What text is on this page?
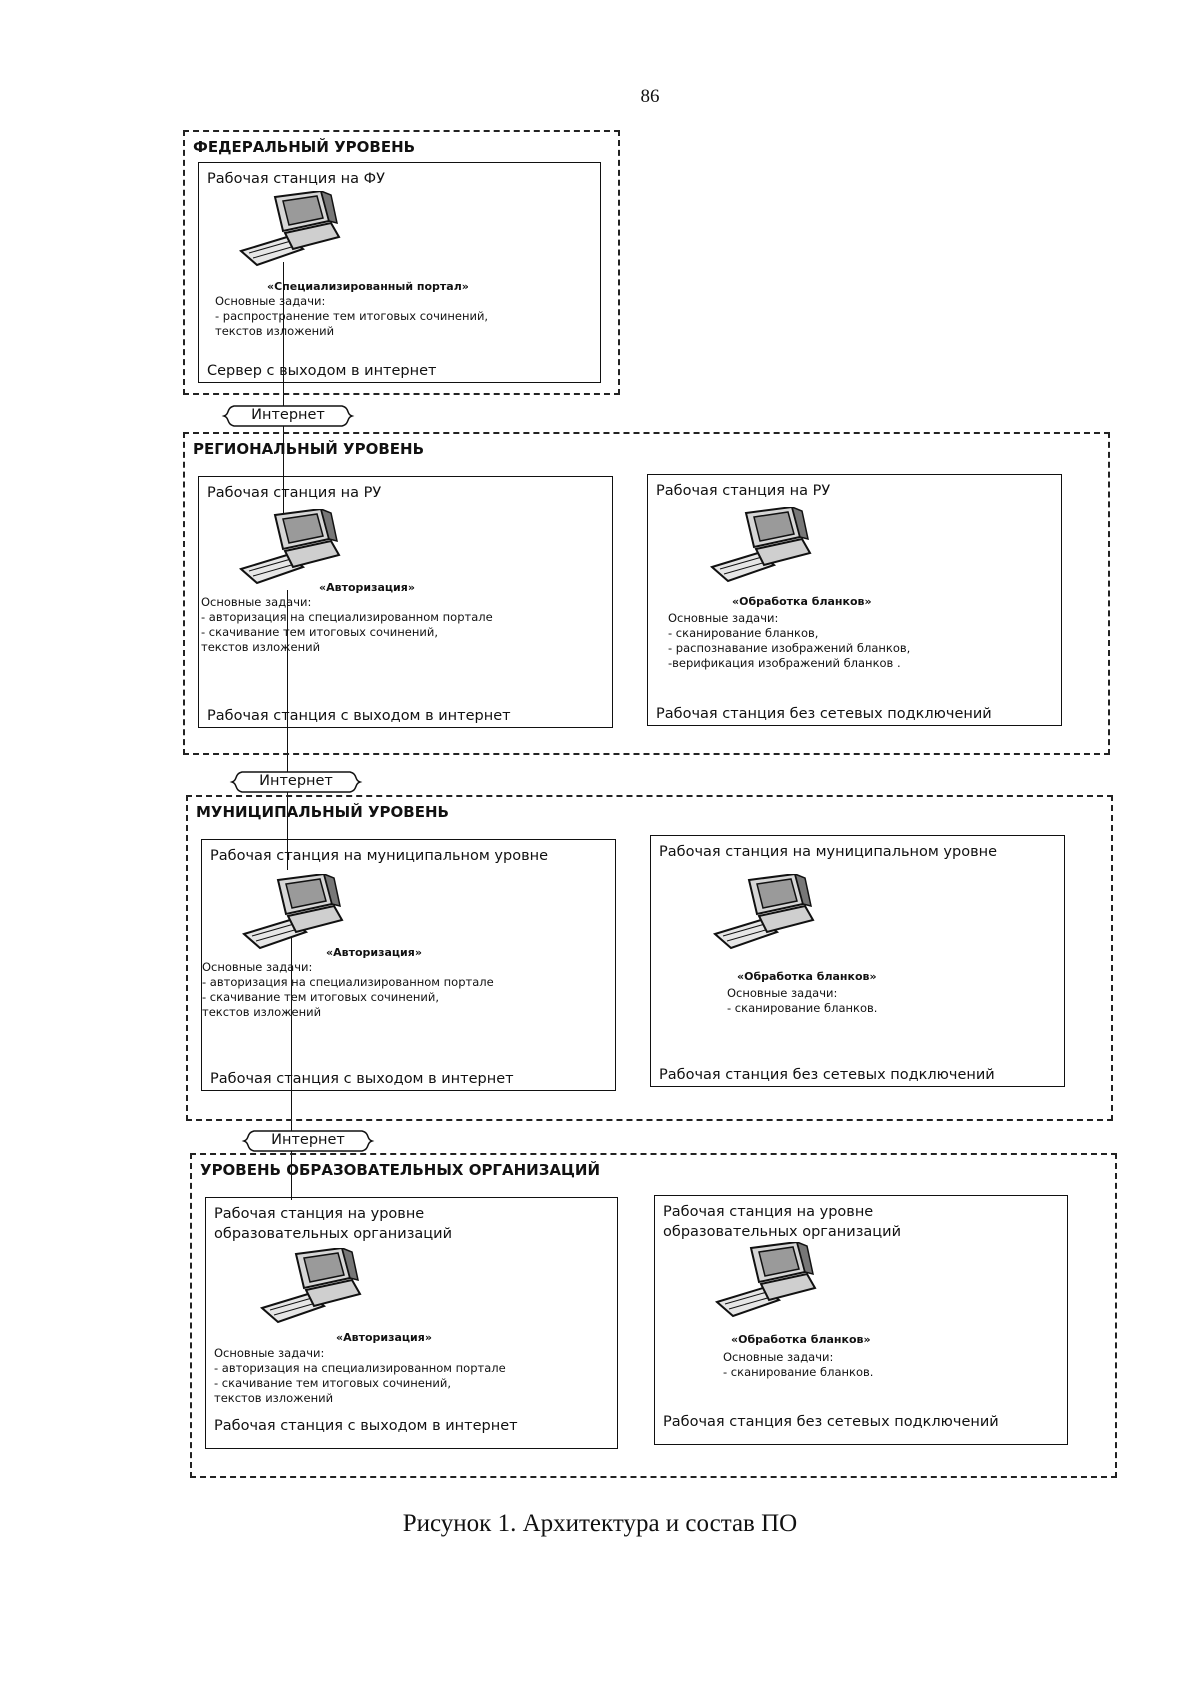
86
ФЕДЕРАЛЬНЫЙ УРОВЕНЬ
Рабочая станция на ФУ
«Специализированный портал»
Основные задачи:
- распространение тем итоговых сочинений,
текстов изложений
Сервер с выходом в интернет
Интернет
РЕГИОНАЛЬНЫЙ УРОВЕНЬ
Рабочая станция на РУ
«Авторизация»
Основные задачи:
- авторизация на специализированном портале
- скачивание тем итоговых сочинений,
текстов изложений
Рабочая станция с выходом в интернет
Рабочая станция на РУ
«Обработка бланков»
Основные задачи:
- сканирование бланков,
- распознавание изображений бланков,
-верификация изображений бланков .
Рабочая станция без сетевых подключений
Интернет
МУНИЦИПАЛЬНЫЙ УРОВЕНЬ
Рабочая станция на муниципальном уровне
«Авторизация»
Основные задачи:
- авторизация на специализированном портале
- скачивание тем итоговых сочинений,
текстов изложений
Рабочая станция с выходом в интернет
Рабочая станция на муниципальном уровне
«Обработка бланков»
Основные задачи:
- сканирование бланков.
Рабочая станция без сетевых подключений
Интернет
УРОВЕНЬ ОБРАЗОВАТЕЛЬНЫХ ОРГАНИЗАЦИЙ
Рабочая станция на уровне
образовательных организаций
«Авторизация»
Основные задачи:
- авторизация на специализированном портале
- скачивание тем итоговых сочинений,
текстов изложений
Рабочая станция с выходом в интернет
Рабочая станция на уровне
образовательных организаций
«Обработка бланков»
Основные задачи:
- сканирование бланков.
Рабочая станция без сетевых подключений
Рисунок 1. Архитектура и состав ПО
